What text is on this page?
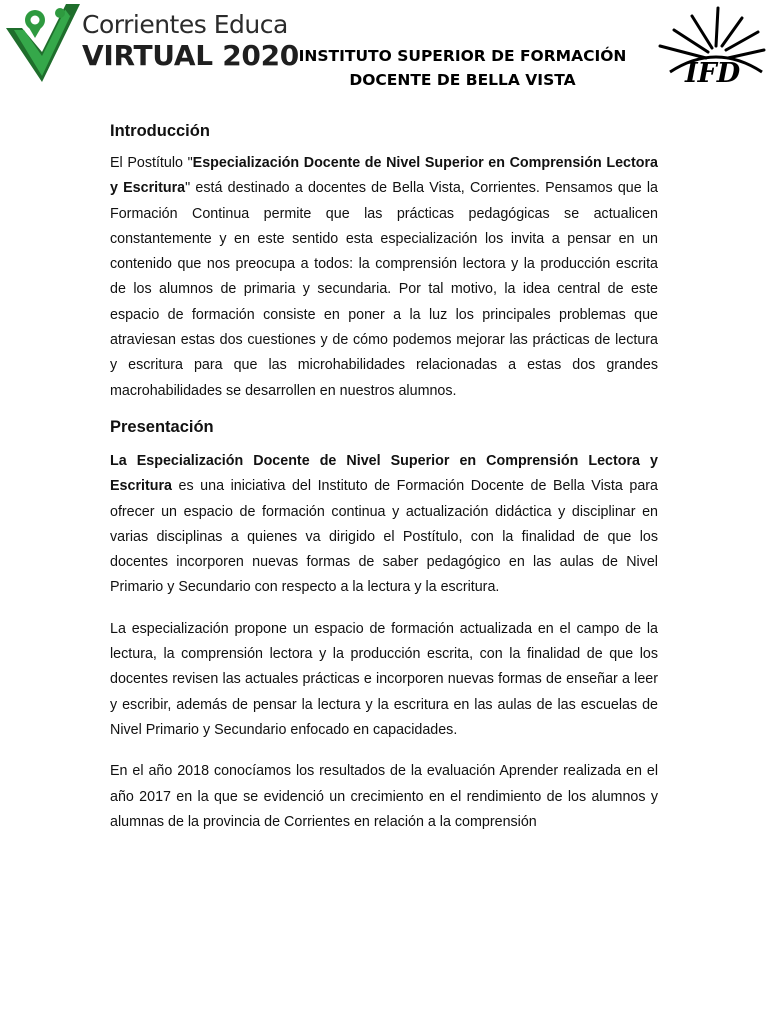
Corrientes Educa
VIRTUAL 2020 INSTITUTO SUPERIOR DE FORMACIÓN
DOCENTE DE BELLA VISTA	IFD
Introducción

El Postítulo "Especialización Docente de Nivel Superior en Comprensión Lectora y Escritura" está destinado a docentes de Bella Vista, Corrientes. Pensamos que la Formación Continua permite que las prácticas pedagógicas se actualicen constantemente y en este sentido esta especialización los invita a pensar en un contenido que nos preocupa a todos: la comprensión lectora y la producción escrita de los alumnos de primaria y secundaria. Por tal motivo, la idea central de este espacio de formación consiste en poner a la luz los principales problemas que atraviesan estas dos cuestiones y de cómo podemos mejorar las prácticas de lectura y escritura para que las microhabilidades relacionadas a estas dos grandes macrohabilidades se desarrollen en nuestros alumnos.

Presentación

La Especialización Docente de Nivel Superior en Comprensión Lectora y Escritura es una iniciativa del Instituto de Formación Docente de Bella Vista para ofrecer un espacio de formación continua y actualización didáctica y disciplinar en varias disciplinas a quienes va dirigido el Postítulo, con la finalidad de que los docentes incorporen nuevas formas de saber pedagógico en las aulas de Nivel Primario y Secundario con respecto a la lectura y la escritura.

La especialización propone un espacio de formación actualizada en el campo de la lectura, la comprensión lectora y la producción escrita, con la finalidad de que los docentes revisen las actuales prácticas e incorporen nuevas formas de enseñar a leer y escribir, además de pensar la lectura y la escritura en las aulas de las escuelas de Nivel Primario y Secundario enfocado en capacidades.

En el año 2018 conocíamos los resultados de la evaluación Aprender realizada en el año 2017 en la que se evidenció un crecimiento en el rendimiento de los alumnos y alumnas de la provincia de Corrientes en relación a la comprensión
